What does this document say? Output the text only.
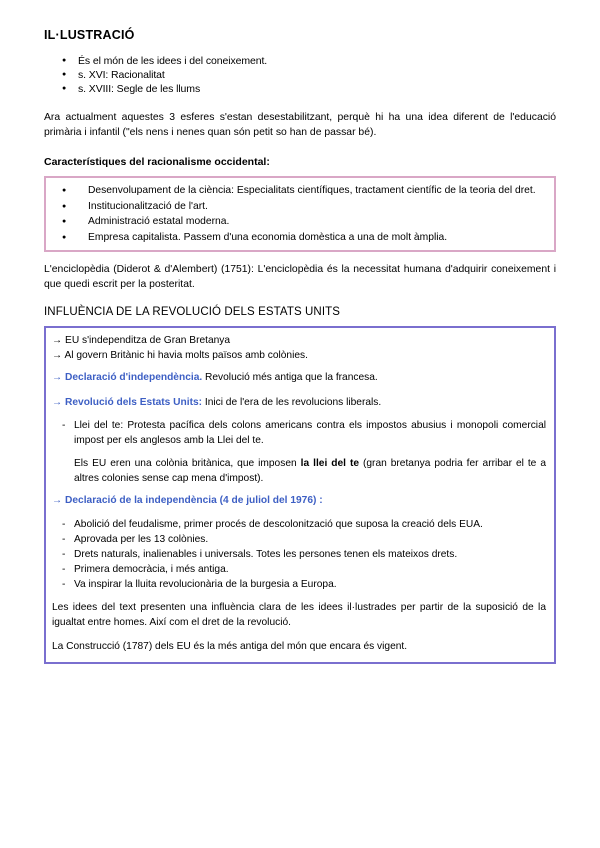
IL·LUSTRACIÓ
● És el món de les idees i del coneixement.
● s. XVI: Racionalitat
● s. XVIII: Segle de les llums

Ara actualment aquestes 3 esferes s'estan desestabilitzant, perquè hi ha una idea diferent de l'educació primària i infantil ("els nens i nenes quan són petit so han de passar bé).

Característiques del racionalisme occidental:
● Desenvolupament de la ciència: Especialitats científiques, tractament científic de la teoria del dret.
● Institucionalització de l'art.
● Administració estatal moderna.
● Empresa capitalista. Passem d'una economia domèstica a una de molt àmplia.

L'enciclopèdia (Diderot & d'Alembert) (1751): L'enciclopèdia és la necessitat humana d'adquirir coneixement i que quedi escrit per la posteritat.

INFLUÈNCIA DE LA REVOLUCIÓ DELS ESTATS UNITS
→ EU s'independitza de Gran Bretanya
→ Al govern Britànic hi havia molts països amb colònies.
→ Declaració d'independència. Revolució més antiga que la francesa.
→ Revolució dels Estats Units: Inici de l'era de les revolucions liberals.
- Llei del te: Protesta pacífica dels colons americans contra els impostos abusius i monopoli comercial impost per els anglesos amb la Llei del te.
Els EU eren una colònia britànica, que imposen la llei del te (gran bretanya podria fer arribar el te a altres colonies sense cap mena d'impost).
→ Declaració de la independència (4 de juliol del 1976) :
- Abolició del feudalisme, primer procés de descolonització que suposa la creació dels EUA.
- Aprovada per les 13 colònies.
- Drets naturals, inalienables i universals. Totes les persones tenen els mateixos drets.
- Primera democràcia, i més antiga.
- Va inspirar la lluita revolucionària de la burgesia a Europa.
Les idees del text presenten una influència clara de les idees il·lustrades per partir de la suposició de la igualtat entre homes. Així com el dret de la revolució.
La Construcció (1787) dels EU és la més antiga del món que encara és vigent.
